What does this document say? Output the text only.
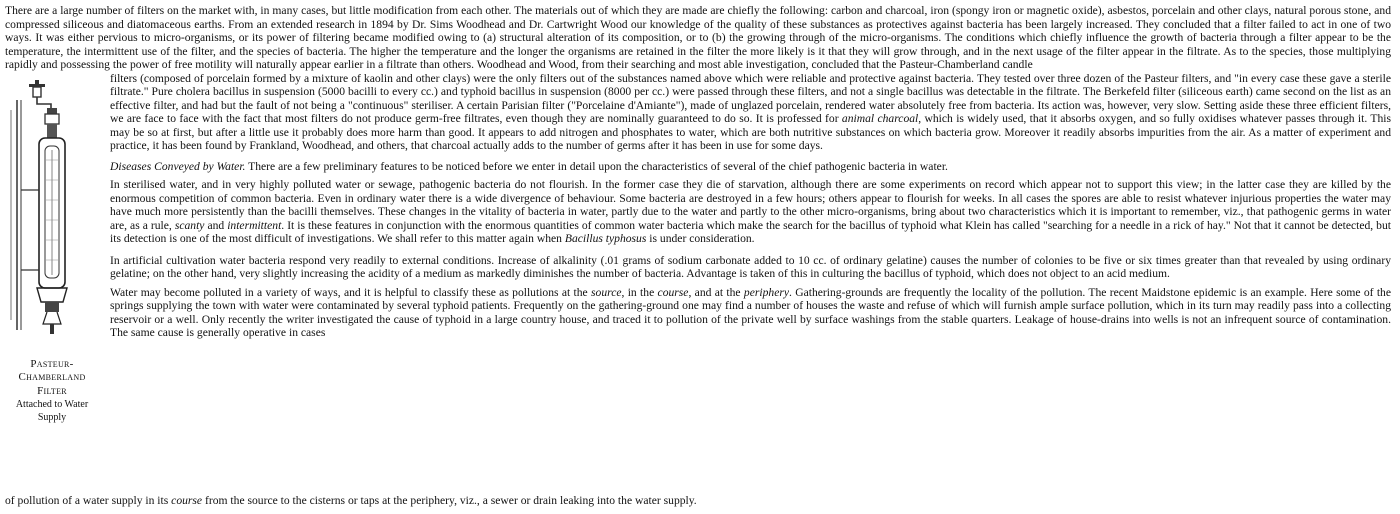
There are a large number of filters on the market with, in many cases, but little modification from each other. The materials out of which they are made are chiefly the following: carbon and charcoal, iron (spongy iron or magnetic oxide), asbestos, porcelain and other clays, natural porous stone, and compressed siliceous and diatomaceous earths. From an extended research in 1894 by Dr. Sims Woodhead and Dr. Cartwright Wood our knowledge of the quality of these substances as protectives against bacteria has been largely increased. They concluded that a filter failed to act in one of two ways. It was either pervious to micro-organisms, or its power of filtering became modified owing to (a) structural alteration of its composition, or to (b) the growing through of the micro-organisms. The conditions which chiefly influence the growth of bacteria through a filter appear to be the temperature, the intermittent use of the filter, and the species of bacteria. The higher the temperature and the longer the organisms are retained in the filter the more likely is it that they will grow through, and in the next usage of the filter appear in the filtrate. As to the species, those multiplying rapidly and possessing the power of free motility will naturally appear earlier in a filtrate than others. Woodhead and Wood, from their searching and most able investigation, concluded that the Pasteur-Chamberland candle

Pasteur-
Chamberland
Filter
Attached to Water
Supply

filters (composed of porcelain formed by a mixture of kaolin and other clays) were the only filters out of the substances named above which were reliable and protective against bacteria. They tested over three dozen of the Pasteur filters, and "in every case these gave a sterile filtrate." Pure cholera bacillus in suspension (5000 bacilli to every cc.) and typhoid bacillus in suspension (8000 per cc.) were passed through these filters, and not a single bacillus was detectable in the filtrate. The Berkefeld filter (siliceous earth) came second on the list as an effective filter, and had but the fault of not being a "continuous" steriliser. A certain Parisian filter ("Porcelaine d'Amiante"), made of unglazed porcelain, rendered water absolutely free from bacteria. Its action was, however, very slow. Setting aside these three efficient filters, we are face to face with the fact that most filters do not produce germ-free filtrates, even though they are nominally guaranteed to do so. It is professed for animal charcoal, which is widely used, that it absorbs oxygen, and so fully oxidises whatever passes through it. This may be so at first, but after a little use it probably does more harm than good. It appears to add nitrogen and phosphates to water, which are both nutritive substances on which bacteria grow. Moreover it readily absorbs impurities from the air. As a matter of experiment and practice, it has been found by Frankland, Woodhead, and others, that charcoal actually adds to the number of germs after it has been in use for some days.

Diseases Conveyed by Water. There are a few preliminary features to be noticed before we enter in detail upon the characteristics of several of the chief pathogenic bacteria in water.

In sterilised water, and in very highly polluted water or sewage, pathogenic bacteria do not flourish. In the former case they die of starvation, although there are some experiments on record which appear not to support this view; in the latter case they are killed by the enormous competition of common bacteria. Even in ordinary water there is a wide divergence of behaviour. Some bacteria are destroyed in a few hours; others appear to flourish for weeks. In all cases the spores are able to resist whatever injurious properties the water may have much more persistently than the bacilli themselves. These changes in the vitality of bacteria in water, partly due to the water and partly to the other micro-organisms, bring about two characteristics which it is important to remember, viz., that pathogenic germs in water are, as a rule, scanty and intermittent. It is these features in conjunction with the enormous quantities of common water bacteria which make the search for the bacillus of typhoid what Klein has called "searching for a needle in a rick of hay." Not that it cannot be detected, but its detection is one of the most difficult of investigations. We shall refer to this matter again when Bacillus typhosus is under consideration.

In artificial cultivation water bacteria respond very readily to external conditions. Increase of alkalinity (.01 grams of sodium carbonate added to 10 cc. of ordinary gelatine) causes the number of colonies to be five or six times greater than that revealed by using ordinary gelatine; on the other hand, very slightly increasing the acidity of a medium as markedly diminishes the number of bacteria. Advantage is taken of this in culturing the bacillus of typhoid, which does not object to an acid medium.

Water may become polluted in a variety of ways, and it is helpful to classify these as pollutions at the source, in the course, and at the periphery. Gathering-grounds are frequently the locality of the pollution. The recent Maidstone epidemic is an example. Here some of the springs supplying the town with water were contaminated by several typhoid patients. Frequently on the gathering-ground one may find a number of houses the waste and refuse of which will furnish ample surface pollution, which in its turn may readily pass into a collecting reservoir or a well. Only recently the writer investigated the cause of typhoid in a large country house, and traced it to pollution of the private well by surface washings from the stable quarters. Leakage of house-drains into wells is not an infrequent source of contamination. The same cause is generally operative in cases

of pollution of a water supply in its course from the source to the cisterns or taps at the periphery, viz., a sewer or drain leaking into the water supply.
